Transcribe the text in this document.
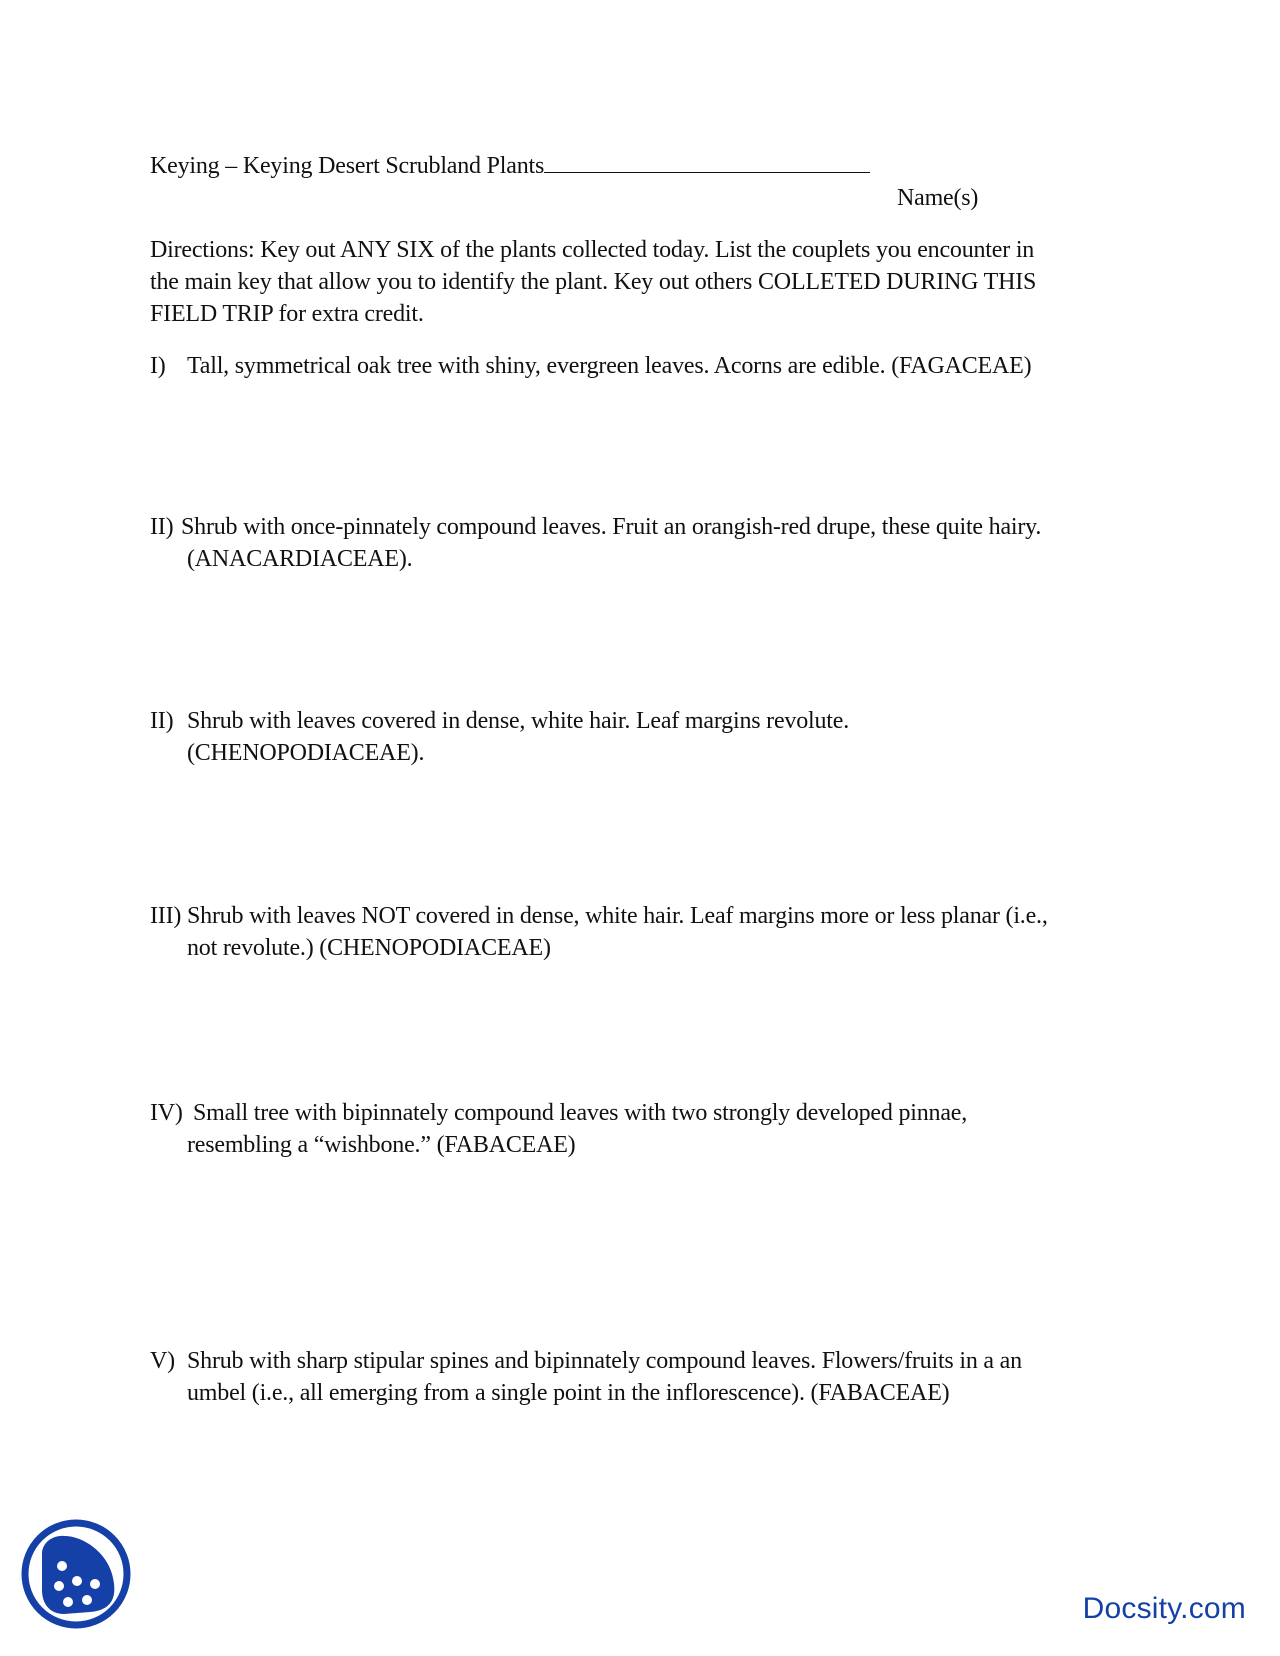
Keying – Keying Desert Scrubland Plants
Name(s)
Directions: Key out ANY SIX of the plants collected today. List the couplets you encounter in
the main key that allow you to identify the plant. Key out others COLLETED DURING THIS
FIELD TRIP for extra credit.
I) Tall, symmetrical oak tree with shiny, evergreen leaves. Acorns are edible. (FAGACEAE)
II) Shrub with once-pinnately compound leaves. Fruit an orangish-red drupe, these quite hairy.
(ANACARDIACEAE).
II) Shrub with leaves covered in dense, white hair. Leaf margins revolute.
(CHENOPODIACEAE).
III) Shrub with leaves NOT covered in dense, white hair. Leaf margins more or less planar (i.e.,
not revolute.) (CHENOPODIACEAE)
IV) Small tree with bipinnately compound leaves with two strongly developed pinnae,
resembling a “wishbone.” (FABACEAE)
V) Shrub with sharp stipular spines and bipinnately compound leaves. Flowers/fruits in a an
umbel (i.e., all emerging from a single point in the inflorescence). (FABACEAE)
Docsity.com
